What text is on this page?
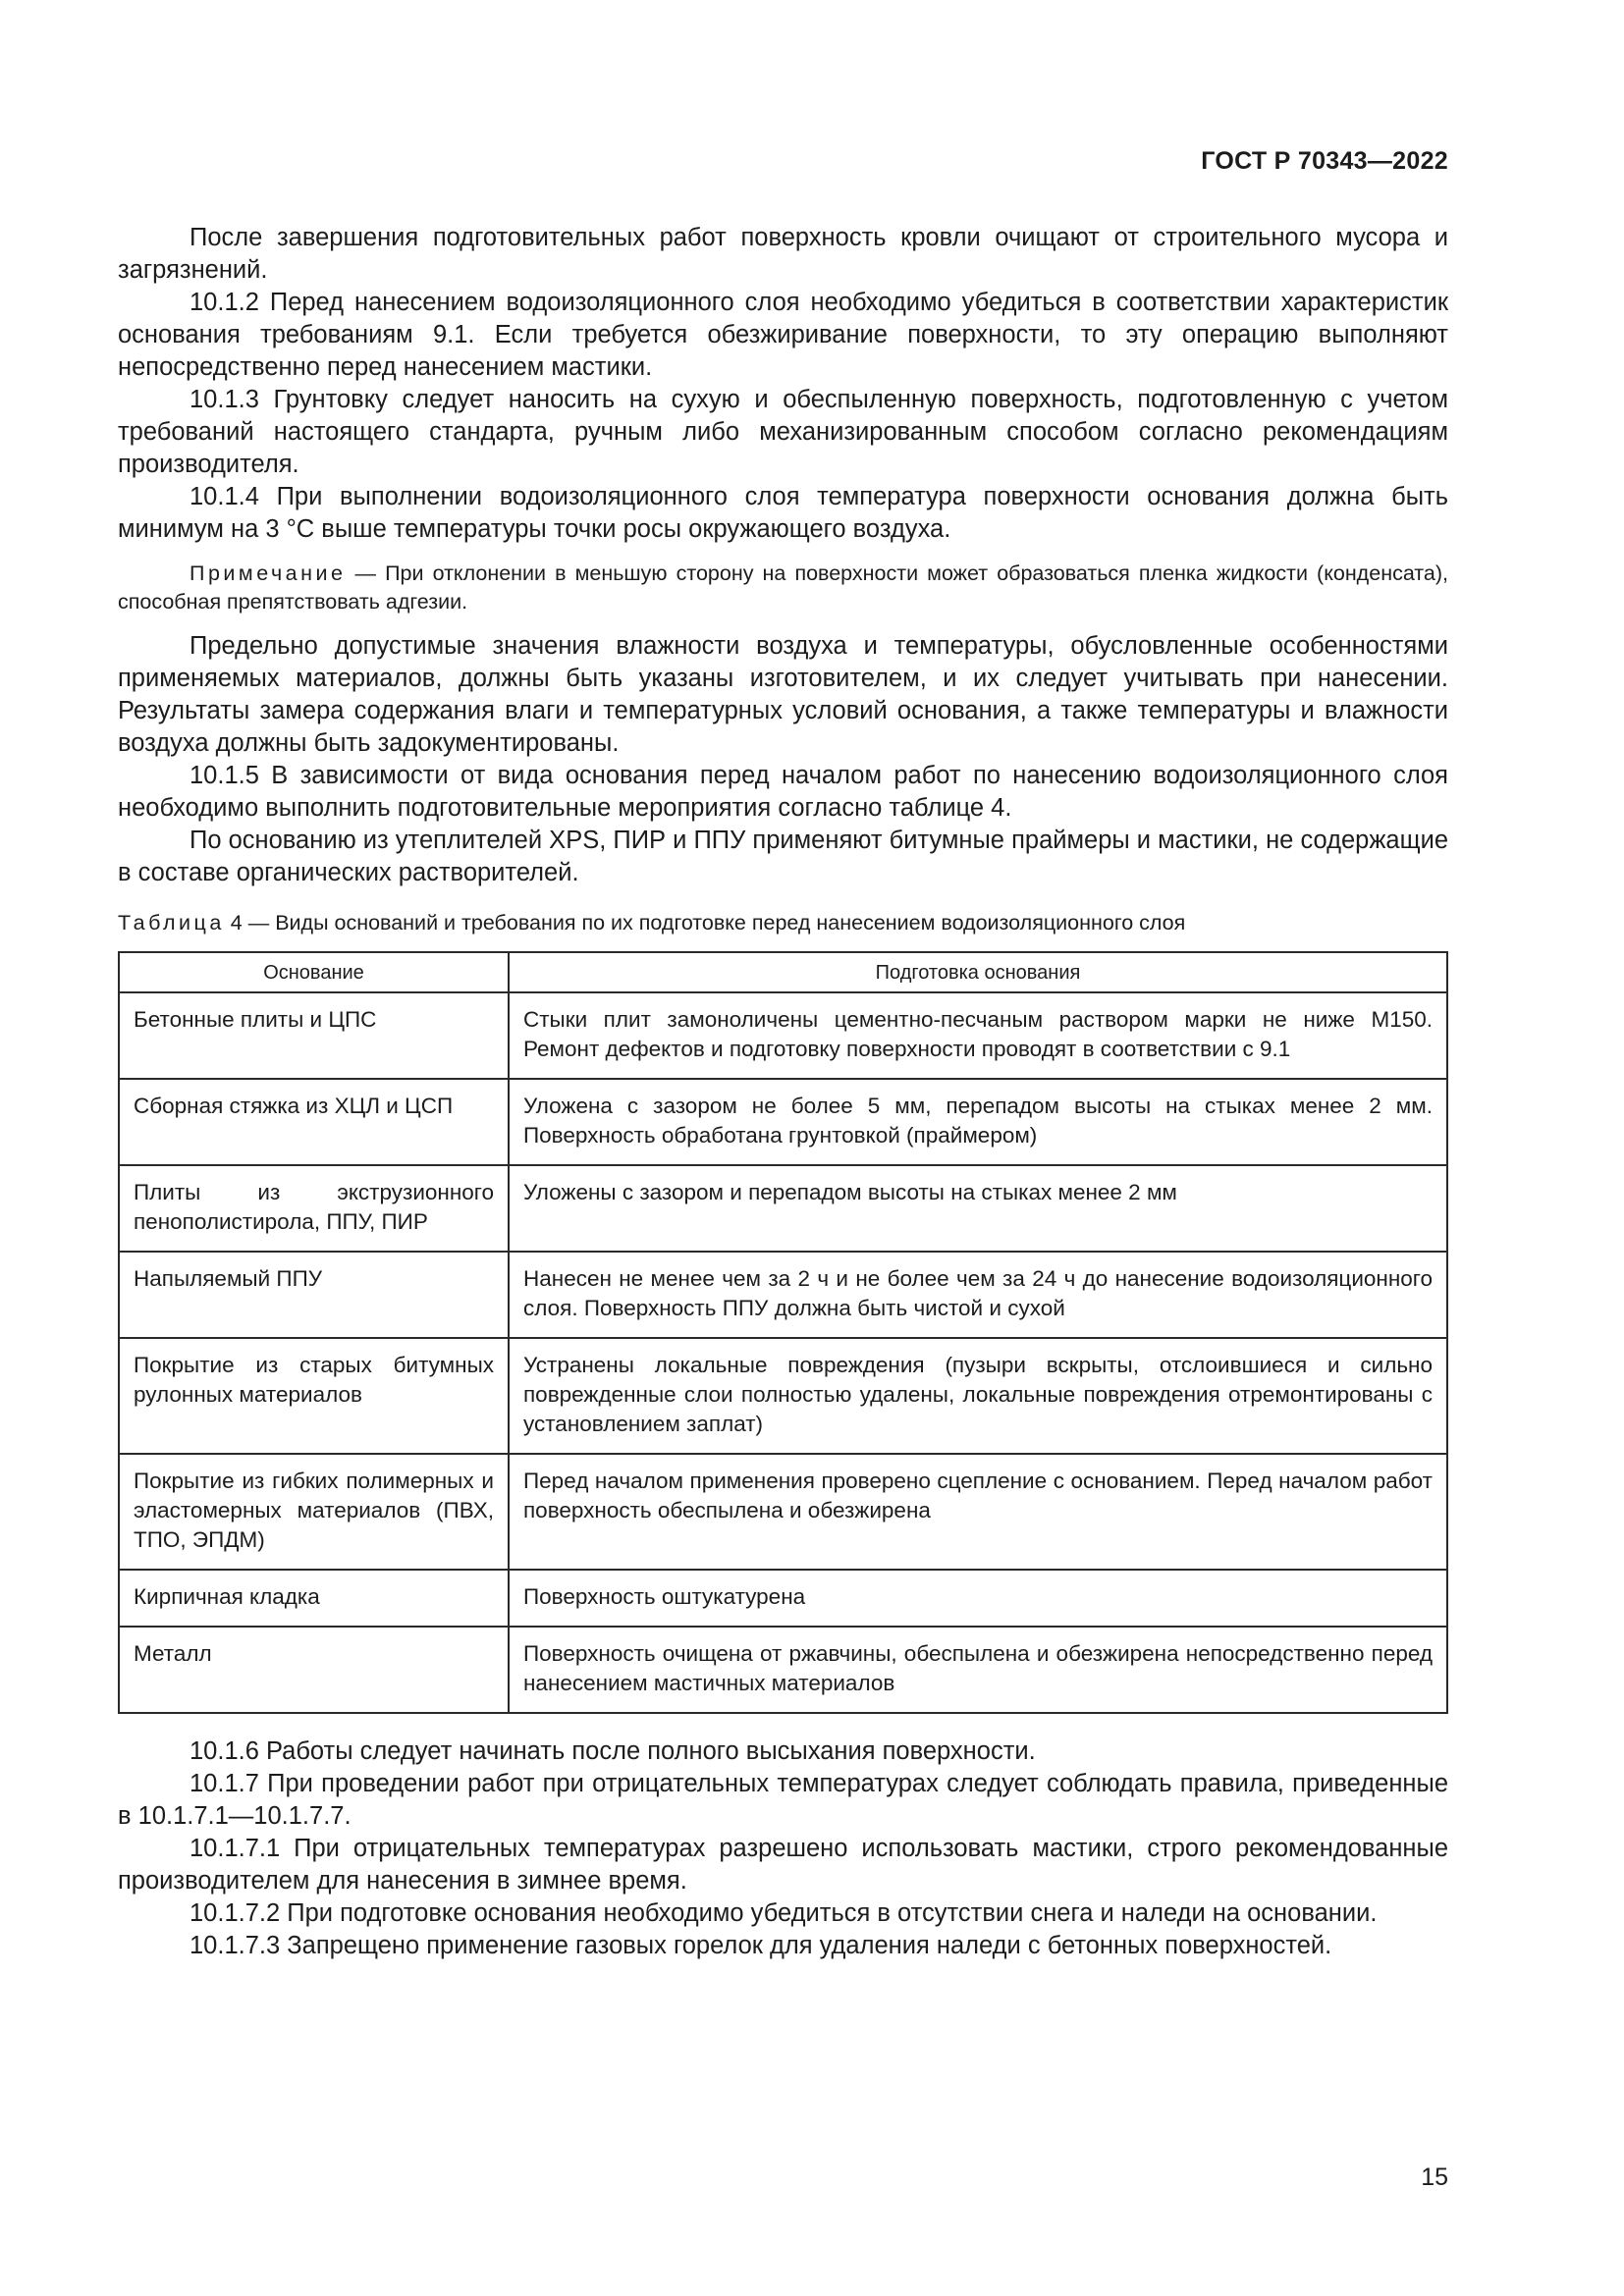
ГОСТ Р 70343—2022

После завершения подготовительных работ поверхность кровли очищают от строительного мусора и загрязнений.

10.1.2 Перед нанесением водоизоляционного слоя необходимо убедиться в соответствии характеристик основания требованиям 9.1. Если требуется обезжиривание поверхности, то эту операцию выполняют непосредственно перед нанесением мастики.

10.1.3 Грунтовку следует наносить на сухую и обеспыленную поверхность, подготовленную с учетом требований настоящего стандарта, ручным либо механизированным способом согласно рекомендациям производителя.

10.1.4 При выполнении водоизоляционного слоя температура поверхности основания должна быть минимум на 3 °С выше температуры точки росы окружающего воздуха.

Примечание — При отклонении в меньшую сторону на поверхности может образоваться пленка жидкости (конденсата), способная препятствовать адгезии.

Предельно допустимые значения влажности воздуха и температуры, обусловленные особенностями применяемых материалов, должны быть указаны изготовителем, и их следует учитывать при нанесении. Результаты замера содержания влаги и температурных условий основания, а также температуры и влажности воздуха должны быть задокументированы.

10.1.5 В зависимости от вида основания перед началом работ по нанесению водоизоляционного слоя необходимо выполнить подготовительные мероприятия согласно таблице 4.

По основанию из утеплителей XPS, ПИР и ППУ применяют битумные праймеры и мастики, не содержащие в составе органических растворителей.

Таблица 4 — Виды оснований и требования по их подготовке перед нанесением водоизоляционного слоя
Основание	Подготовка основания
Бетонные плиты и ЦПС	Стыки плит замоноличены цементно-песчаным раствором марки не ниже М150. Ремонт дефектов и подготовку поверхности проводят в соответствии с 9.1
Сборная стяжка из ХЦЛ и ЦСП	Уложена с зазором не более 5 мм, перепадом высоты на стыках менее 2 мм. Поверхность обработана грунтовкой (праймером)
Плиты из экструзионного пенополистирола, ППУ, ПИР	Уложены с зазором и перепадом высоты на стыках менее 2 мм
Напыляемый ППУ	Нанесен не менее чем за 2 ч и не более чем за 24 ч до нанесение водоизоляционного слоя. Поверхность ППУ должна быть чистой и сухой
Покрытие из старых битумных рулонных материалов	Устранены локальные повреждения (пузыри вскрыты, отслоившиеся и сильно поврежденные слои полностью удалены, локальные повреждения отремонтированы с установлением заплат)
Покрытие из гибких полимерных и эластомерных материалов (ПВХ, ТПО, ЭПДМ)	Перед началом применения проверено сцепление с основанием. Перед началом работ поверхность обеспылена и обезжирена
Кирпичная кладка	Поверхность оштукатурена
Металл	Поверхность очищена от ржавчины, обеспылена и обезжирена непосредственно перед нанесением мастичных материалов

10.1.6 Работы следует начинать после полного высыхания поверхности.

10.1.7 При проведении работ при отрицательных температурах следует соблюдать правила, приведенные в 10.1.7.1—10.1.7.7.

10.1.7.1 При отрицательных температурах разрешено использовать мастики, строго рекомендованные производителем для нанесения в зимнее время.

10.1.7.2 При подготовке основания необходимо убедиться в отсутствии снега и наледи на основании.

10.1.7.3 Запрещено применение газовых горелок для удаления наледи с бетонных поверхностей.

15
